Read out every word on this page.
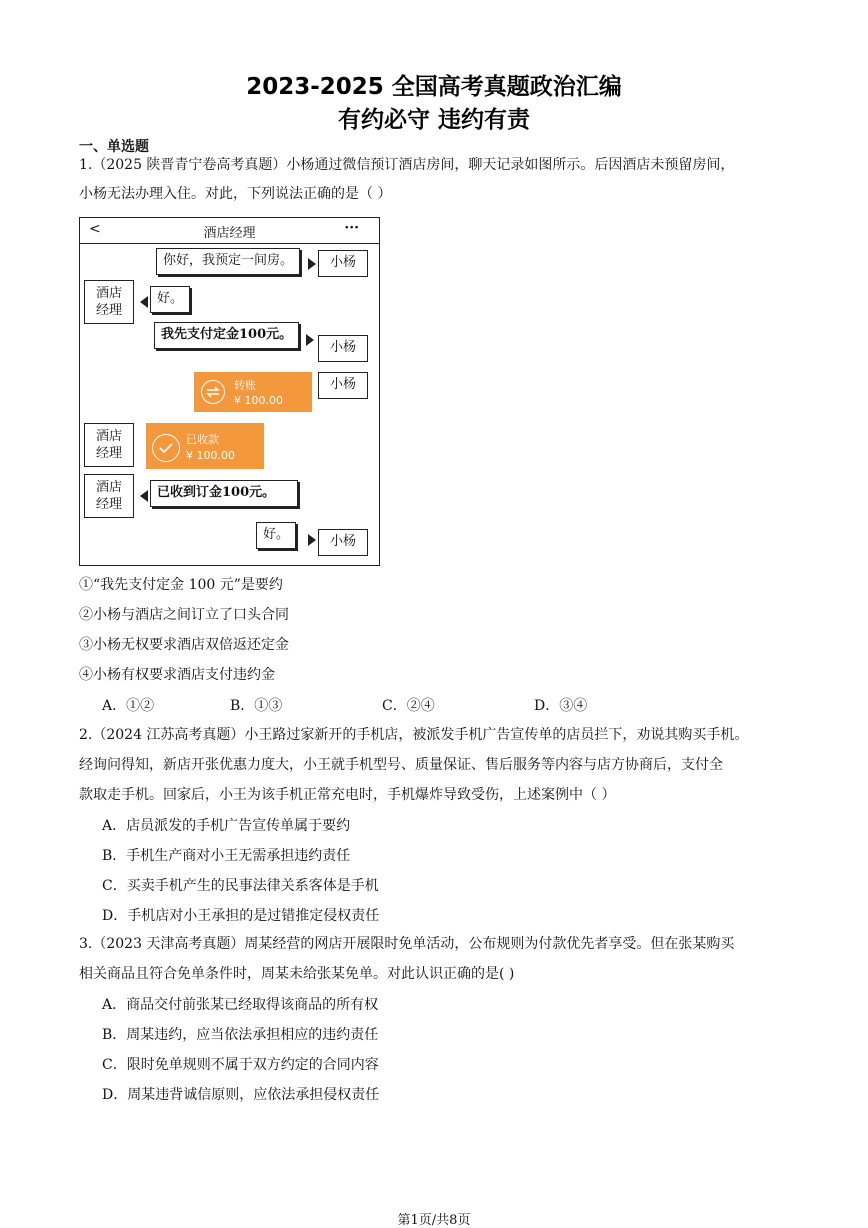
2023-2025 全国高考真题政治汇编
有约必守 违约有责
一、单选题
1.（2025 陕晋青宁卷高考真题）小杨通过微信预订酒店房间，聊天记录如图所示。后因酒店未预留房间，
小杨无法办理入住。对此，下列说法正确的是（ ）
<	酒店经理	···
你好，我预定一间房。	小杨
酒店
经理
好。
我先支付定金100元。
小杨
转账
¥ 100.00
小杨
酒店
经理
已收款
¥ 100.00
酒店
经理
已收到订金100元。
好。	小杨
①“我先支付定金 100 元”是要约
②小杨与酒店之间订立了口头合同
③小杨无权要求酒店双倍返还定金
④小杨有权要求酒店支付违约金
A．①②	B．①③	C．②④	D．③④
2.（2024 江苏高考真题）小王路过家新开的手机店，被派发手机广告宣传单的店员拦下，劝说其购买手机。
经询问得知，新店开张优惠力度大，小王就手机型号、质量保证、售后服务等内容与店方协商后，支付全
款取走手机。回家后，小王为该手机正常充电时，手机爆炸导致受伤，上述案例中（ ）
A．店员派发的手机广告宣传单属于要约
B．手机生产商对小王无需承担违约责任
C．买卖手机产生的民事法律关系客体是手机
D．手机店对小王承担的是过错推定侵权责任
3.（2023 天津高考真题）周某经营的网店开展限时免单活动，公布规则为付款优先者享受。但在张某购买
相关商品且符合免单条件时，周某未给张某免单。对此认识正确的是( )
A．商品交付前张某已经取得该商品的所有权
B．周某违约，应当依法承担相应的违约责任
C．限时免单规则不属于双方约定的合同内容
D．周某违背诚信原则，应依法承担侵权责任
第1页/共8页
